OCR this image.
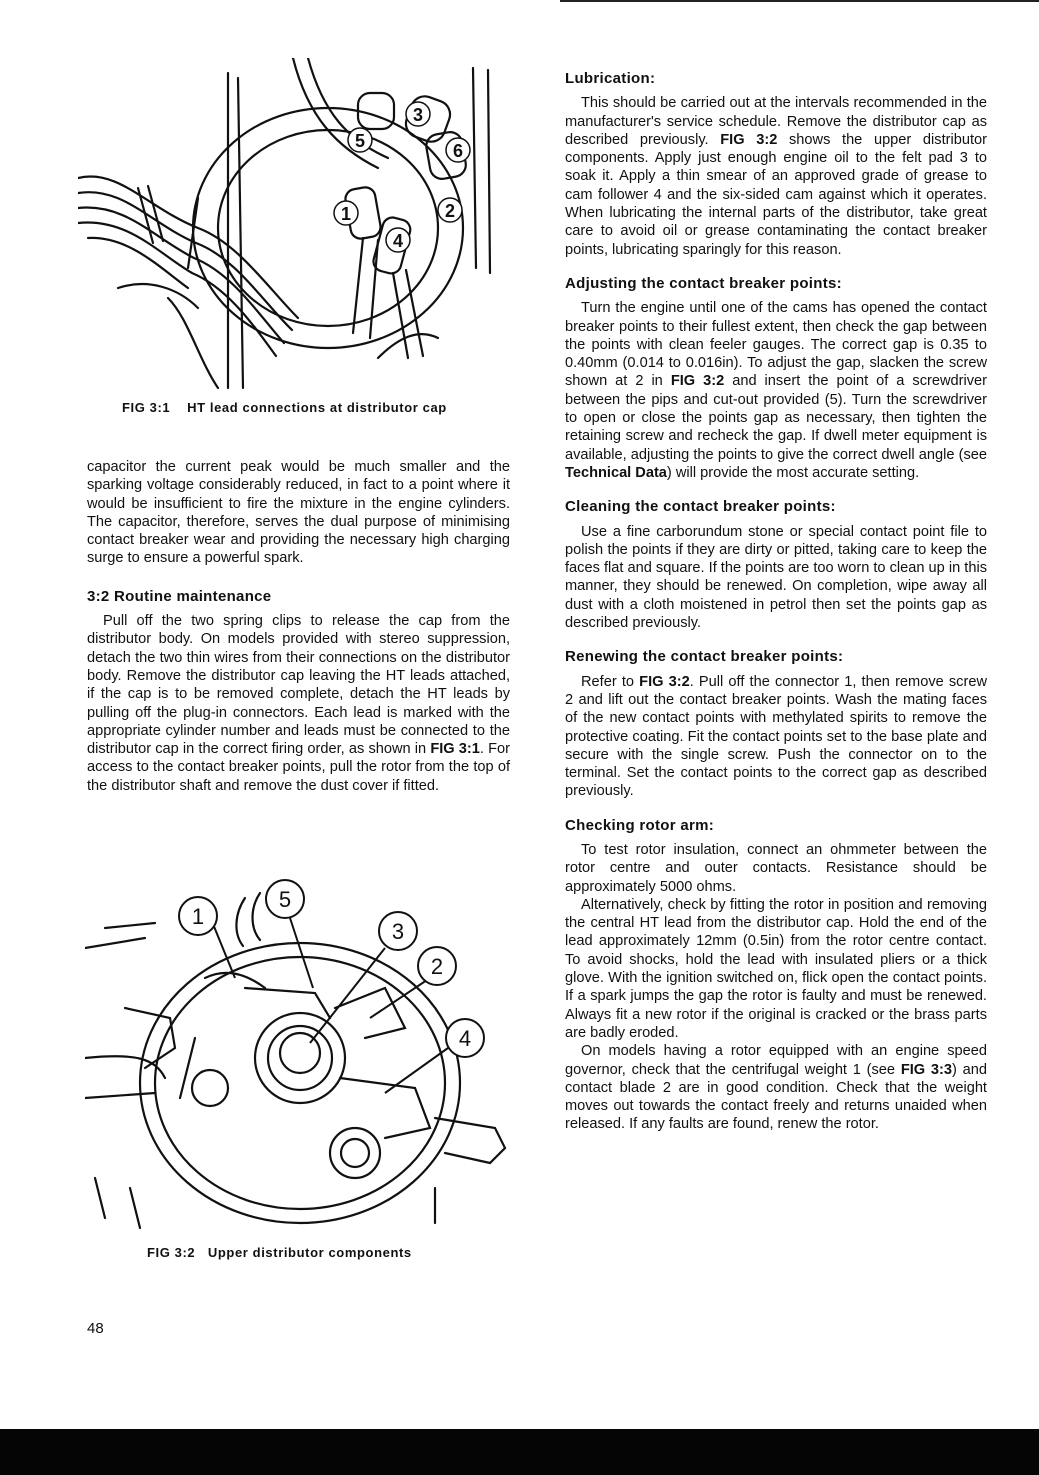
1	2
3
4
5	6
FIG 3:1 HT lead connections at distributor cap

capacitor the current peak would be much smaller and the sparking voltage considerably reduced, in fact to a point where it would be insufficient to fire the mixture in the engine cylinders. The capacitor, therefore, serves the dual purpose of minimising contact breaker wear and providing the necessary high charging surge to ensure a powerful spark.

3:2 Routine maintenance

Pull off the two spring clips to release the cap from the distributor body. On models provided with stereo suppression, detach the two thin wires from their connections on the distributor body. Remove the distributor cap leaving the HT leads attached, if the cap is to be removed complete, detach the HT leads by pulling off the plug-in connectors. Each lead is marked with the appropriate cylinder number and leads must be connected to the distributor cap in the correct firing order, as shown in FIG 3:1. For access to the contact breaker points, pull the rotor from the top of the distributor shaft and remove the dust cover if fitted.

1
2
3
4
5
FIG 3:2 Upper distributor components
Lubrication:

This should be carried out at the intervals recommended in the manufacturer's service schedule. Remove the distributor cap as described previously. FIG 3:2 shows the upper distributor components. Apply just enough engine oil to the felt pad 3 to soak it. Apply a thin smear of an approved grade of grease to cam follower 4 and the six-sided cam against which it operates. When lubricating the internal parts of the distributor, take great care to avoid oil or grease contaminating the contact breaker points, lubricating sparingly for this reason.

Adjusting the contact breaker points:

Turn the engine until one of the cams has opened the contact breaker points to their fullest extent, then check the gap between the points with clean feeler gauges. The correct gap is 0.35 to 0.40mm (0.014 to 0.016in). To adjust the gap, slacken the screw shown at 2 in FIG 3:2 and insert the point of a screwdriver between the pips and cut-out provided (5). Turn the screwdriver to open or close the points gap as necessary, then tighten the retaining screw and recheck the gap. If dwell meter equipment is available, adjusting the points to give the correct dwell angle (see Technical Data) will provide the most accurate setting.

Cleaning the contact breaker points:

Use a fine carborundum stone or special contact point file to polish the points if they are dirty or pitted, taking care to keep the faces flat and square. If the points are too worn to clean up in this manner, they should be renewed. On completion, wipe away all dust with a cloth moistened in petrol then set the points gap as described previously.

Renewing the contact breaker points:

Refer to FIG 3:2. Pull off the connector 1, then remove screw 2 and lift out the contact breaker points. Wash the mating faces of the new contact points with methylated spirits to remove the protective coating. Fit the contact points set to the base plate and secure with the single screw. Push the connector on to the terminal. Set the contact points to the correct gap as described previously.

Checking rotor arm:

To test rotor insulation, connect an ohmmeter between the rotor centre and outer contacts. Resistance should be approximately 5000 ohms.

Alternatively, check by fitting the rotor in position and removing the central HT lead from the distributor cap. Hold the end of the lead approximately 12mm (0.5in) from the rotor centre contact. To avoid shocks, hold the lead with insulated pliers or a thick glove. With the ignition switched on, flick open the contact points. If a spark jumps the gap the rotor is faulty and must be renewed. Always fit a new rotor if the original is cracked or the brass parts are badly eroded.

On models having a rotor equipped with an engine speed governor, check that the centrifugal weight 1 (see FIG 3:3) and contact blade 2 are in good condition. Check that the weight moves out towards the contact freely and returns unaided when released. If any faults are found, renew the rotor.

48
